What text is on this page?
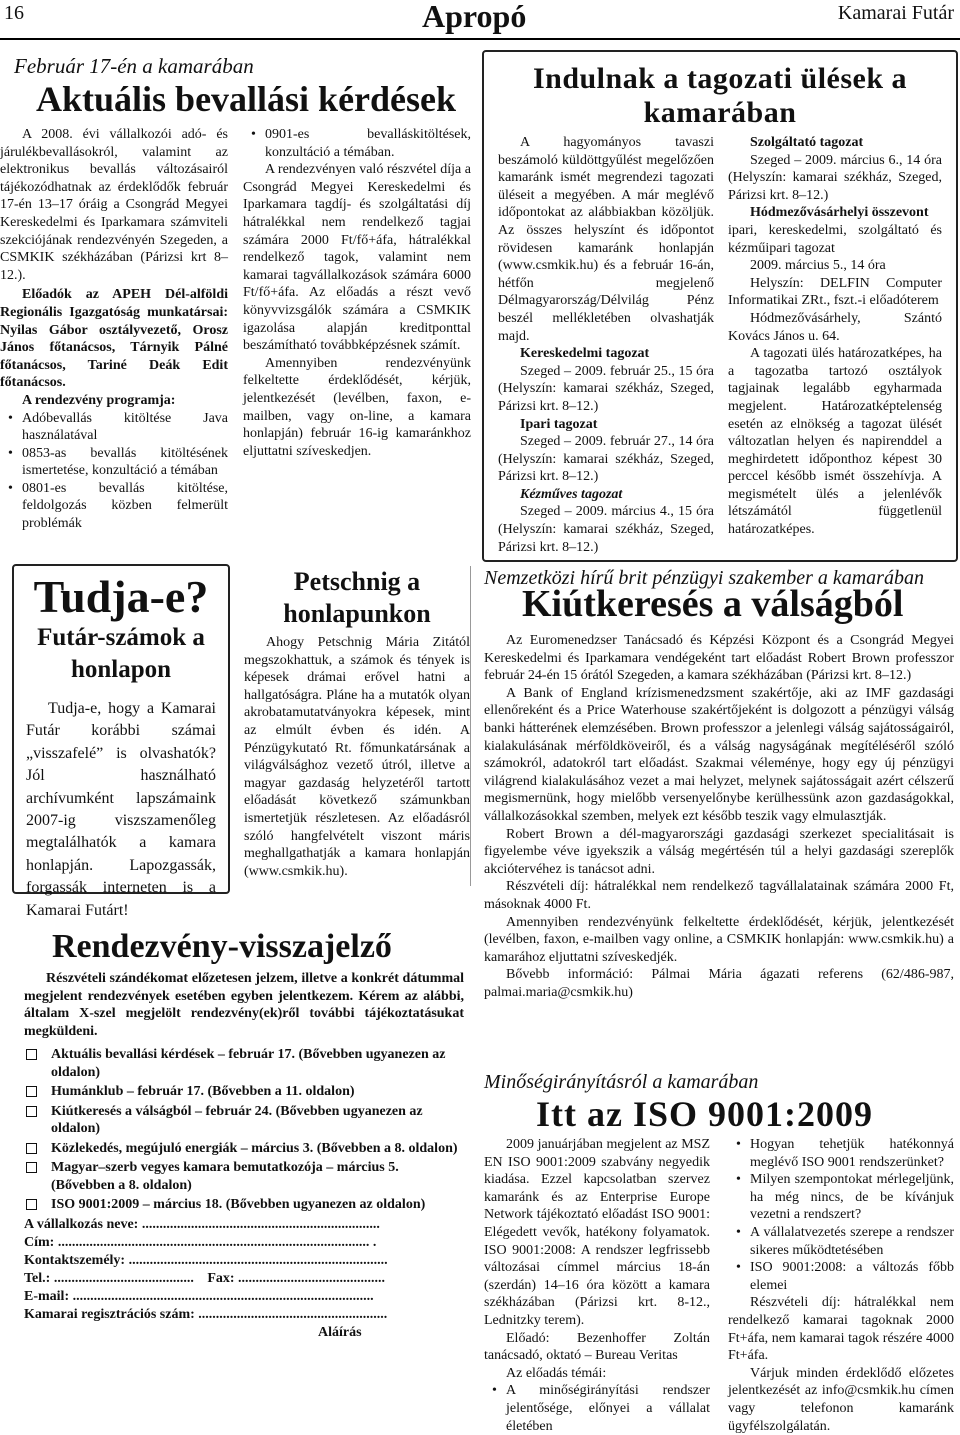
16	Apropó	Kamarai Futár
Február 17-én a kamarában
Aktuális bevallási kérdések

A 2008. évi vállalkozói adó- és járulékbevallásokról, valamint az elektronikus bevallás változásairól tájékozódhatnak az érdeklődők február 17-én 13–17 óráig a Csongrád Megyei Kereskedelmi és Iparkamara számviteli szekciójának rendezvényén Szegeden, a CSMKIK székházában (Párizsi krt 8–12.).

Előadók az APEH Dél-alföldi Regionális Igazgatóság munkatársai: Nyilas Gábor osztályvezető, Orosz János főtanácsos, Tárnyik Pálné főtanácsos, Tariné Deák Edit főtanácsos.

A rendezvény programja:

• Adóbevallás kitöltése Java használatával

• 0853-as bevallás kitöltésének ismertetése, konzultáció a témában

• 0801-es bevallás kitöltése, feldolgozás közben felmerült problémák

• 0901-es bevalláskitöltések, konzultáció a témában.

A rendezvényen való részvétel díja a Csongrád Megyei Kereskedelmi és Iparkamara tagdíj- és szolgáltatási díj hátralékkal nem rendelkező tagjai számára 2000 Ft/fő+áfa, hátralékkal rendelkező tagok, valamint nem kamarai tagvállalkozások számára 6000 Ft/fő+áfa. Az előadás a részt vevő könyvvizsgálók számára a CSMKIK igazolása alapján kreditponttal beszámítható továbbképzésnek számít.

Amennyiben rendezvényünk felkeltette érdeklődését, kérjük, jelentkezését (levélben, faxon, e-mailben, vagy on-line, a kamara honlapján) február 16-ig kamaránkhoz eljuttatni szíveskedjen.

Indulnak a tagozati ülések a kamarában

A hagyományos tavaszi beszámoló küldöttgyűlést megelőzően kamaránk ismét megrendezi tagozati üléseit a megyében. A már meglévő időpontokat az alábbiakban közöljük. Az összes helyszínt és időpontot rövidesen kamaránk honlapján (www.csmkik.hu) és a február 16-án, hétfőn megjelenő Délmagyarország/Délvilág Pénz beszél mellékletében olvashatják majd.

Kereskedelmi tagozat

Szeged – 2009. február 25., 15 óra (Helyszín: kamarai székház, Szeged, Párizsi krt. 8–12.)

Ipari tagozat

Szeged – 2009. február 27., 14 óra (Helyszín: kamarai székház, Szeged, Párizsi krt. 8–12.)

Kézműves tagozat

Szeged – 2009. március 4., 15 óra (Helyszín: kamarai székház, Szeged, Párizsi krt. 8–12.)

Szolgáltató tagozat

Szeged – 2009. március 6., 14 óra (Helyszín: kamarai székház, Szeged, Párizsi krt. 8–12.)

Hódmezővásárhelyi összevont

ipari, kereskedelmi, szolgáltató és kézműipari tagozat

2009. március 5., 14 óra

Helyszín: DELFIN Computer Informatikai ZRt., fszt.-i előadóterem

Hódmezővásárhely, Szántó Kovács János u. 64.

A tagozati ülés határozatképes, ha a tagozatba tartozó osztályok tagjainak legalább egyharmada megjelent. Határozatképtelenség esetén az elnökség a tagozat ülését változatlan helyen és napirenddel a meghirdetett időponthoz képest 30 perccel később ismét összehívja. A megismételt ülés a jelenlévők létszámától függetlenül határozatképes.

Tudja-e?
Futár-számok a honlapon

Tudja-e, hogy a Kamarai Futár korábbi számai „visszafelé” is olvashatók? Jól használható archívumként lapszámaink 2007-ig viszszamenőleg megtalálhatók a kamara honlapján. Lapozgassák, forgassák interneten is a Kamarai Futárt!

Petschnig a honlapunkon

Ahogy Petschnig Mária Zitától megszokhattuk, a számok és tények is képesek drámai erővel hatni a hallgatóságra. Pláne ha a mutatók olyan akrobatamutatványokra képesek, mint az elmúlt évben és idén. A Pénzügykutató Rt. főmunkatársának a világválsághoz vezető útról, illetve a magyar gazdaság helyzetéről tartott előadását következő számunkban ismertetjük részletesen. Az előadásról szóló hangfelvételt viszont máris meghallgathatják a kamara honlapján (www.csmkik.hu).

Nemzetközi hírű brit pénzügyi szakember a kamarában
Kiútkeresés a válságból

Az Euromenedzser Tanácsadó és Képzési Központ és a Csongrád Megyei Kereskedelmi és Iparkamara vendégeként tart előadást Robert Brown professzor február 24-én 15 órától Szegeden, a kamara székházában (Párizsi krt. 8–12.)

A Bank of England krízismenedzsment szakértője, aki az IMF gazdasági ellenőreként és a Price Waterhouse szakértőjeként is dolgozott a pénzügyi válság banki hátterének elemzésében. Brown professzor a jelenlegi válság sajátosságairól, kialakulásának mérföldköveiről, és a válság nagyságának megítéléséről szóló számokról, adatokról tart előadást. Szakmai véleménye, hogy egy új pénzügyi világrend kialakulásához vezet a mai helyzet, melynek sajátosságait azért célszerű megismernünk, hogy mielőbb versenyelőnybe kerülhessünk azon gazdaságokkal, vállalkozásokkal szemben, melyek ezt később teszik vagy elmulasztják.

Robert Brown a dél-magyarországi gazdasági szerkezet specialitásait is figyelembe véve igyekszik a válság megértésén túl a helyi gazdasági szereplők akciótervéhez is tanácsot adni.

Részvételi díj: hátralékkal nem rendelkező tagvállalatainak számára 2000 Ft, másoknak 4000 Ft.

Amennyiben rendezvényünk felkeltette érdeklődését, kérjük, jelentkezését (levélben, faxon, e-mailben vagy online, a CSMKIK honlapján: www.csmkik.hu) a kamarához eljuttatni szíveskedjék.

Bővebb információ: Pálmai Mária ágazati referens (62/486-987, palmai.maria@csmkik.hu)

Rendezvény-visszajelző

Részvételi szándékomat előzetesen jelzem, illetve a konkrét dátummal megjelent rendezvények esetében egyben jelentkezem. Kérem az alábbi, általam X-szel megjelölt rendezvény(ek)ről további tájékoztatásukat megküldeni.

Aktuális bevallási kérdések – február 17. (Bővebben ugyanezen az oldalon)
Humánklub – február 17. (Bővebben a 11. oldalon)
Kiútkeresés a válságból – február 24. (Bővebben ugyanezen az oldalon)
Közlekedés, megújuló energiák – március 3. (Bővebben a 8. oldalon)
Magyar–szerb vegyes kamara bemutatkozója – március 5. (Bővebben a 8. oldalon)
ISO 9001:2009 – március 18. (Bővebben ugyanezen az oldalon)
A vállalkozás neve: ....................................................................
Cím: ......................................................................................... .
Kontaktszemély: ..........................................................................
Tel.: ........................................ Fax: ..........................................
E-mail: ......................................................................................
Kamarai regisztrációs szám: ......................................................
Aláírás
Minőségirányításról a kamarában
Itt az ISO 9001:2009

2009 januárjában megjelent az MSZ EN ISO 9001:2009 szabvány negyedik kiadása. Ezzel kapcsolatban szervez kamaránk és az Enterprise Europe Network tájékoztató előadást ISO 9001: Elégedett vevők, hatékony folyamatok. ISO 9001:2008: A rendszer legfrissebb változásai címmel március 18-án (szerdán) 14–16 óra között a kamara székházában (Párizsi krt. 8-12., Lednitzky terem).

Előadó: Bezenhoffer Zoltán tanácsadó, oktató – Bureau Veritas

Az előadás témái:

• A minőségirányítási rendszer jelentősége, előnyei a vállalat életében

• Hogyan tehetjük hatékonnyá meglévő ISO 9001 rendszerünket?

• Milyen szempontokat mérlegeljünk, ha még nincs, de be kívánjuk vezetni a rendszert?

• A vállalatvezetés szerepe a rendszer sikeres működtetésében

• ISO 9001:2008: a változás főbb elemei

Részvételi díj: hátralékkal nem rendelkező kamarai tagoknak 2000 Ft+áfa, nem kamarai tagok részére 4000 Ft+áfa.

Várjuk minden érdeklődő előzetes jelentkezését az info@csmkik.hu címen vagy telefonon kamaránk ügyfélszolgálatán.
